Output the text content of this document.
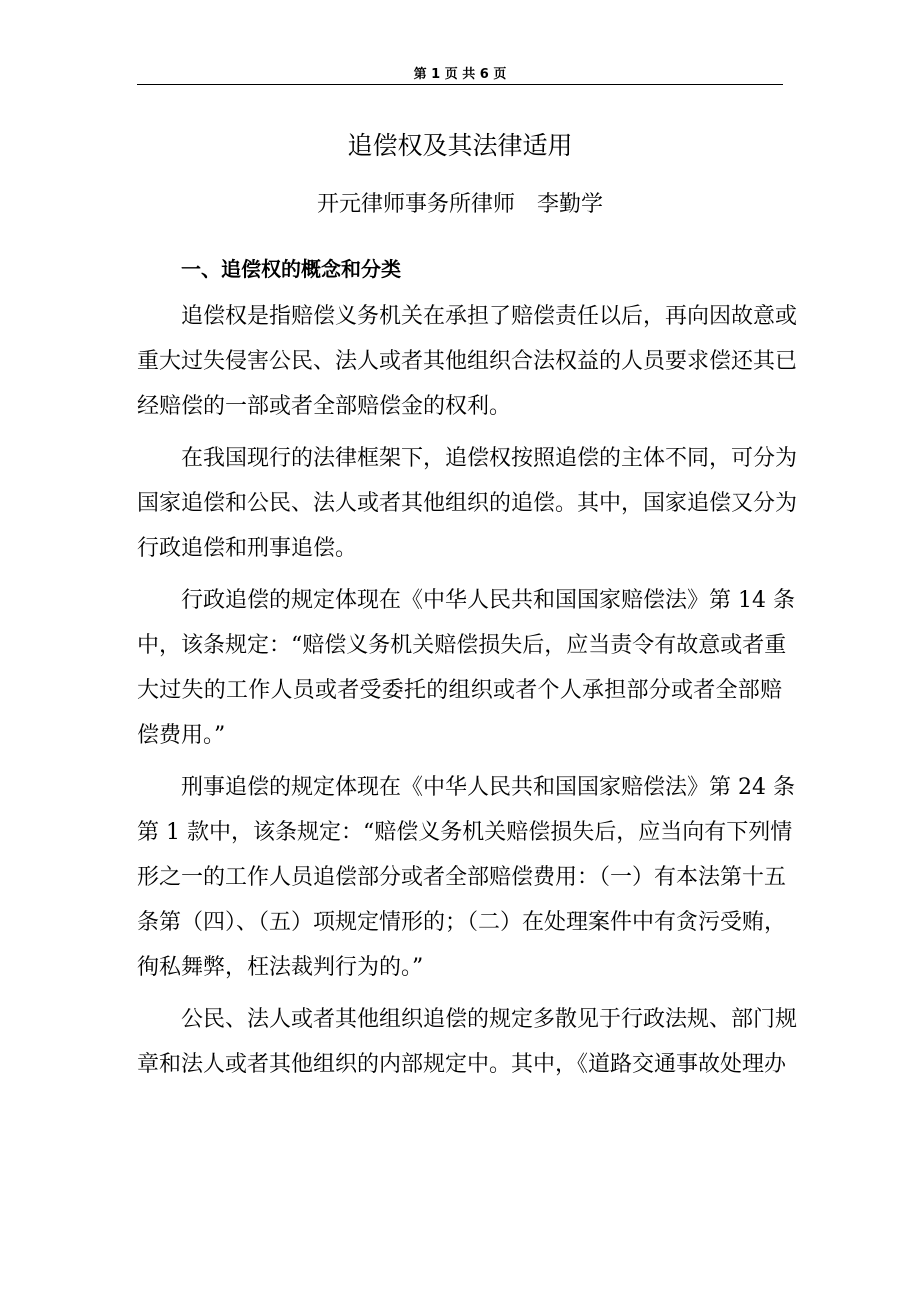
第 1 页 共 6 页
追偿权及其法律适用
开元律师事务所律师　李勤学
一、追偿权的概念和分类
追偿权是指赔偿义务机关在承担了赔偿责任以后，再向因故意或
重大过失侵害公民、法人或者其他组织合法权益的人员要求偿还其已
经赔偿的一部或者全部赔偿金的权利。
在我国现行的法律框架下，追偿权按照追偿的主体不同，可分为
国家追偿和公民、法人或者其他组织的追偿。其中，国家追偿又分为
行政追偿和刑事追偿。
行政追偿的规定体现在《中华人民共和国国家赔偿法》第 14 条
中，该条规定：“赔偿义务机关赔偿损失后，应当责令有故意或者重
大过失的工作人员或者受委托的组织或者个人承担部分或者全部赔
偿费用。”
刑事追偿的规定体现在《中华人民共和国国家赔偿法》第 24 条
第 1 款中，该条规定：“赔偿义务机关赔偿损失后，应当向有下列情
形之一的工作人员追偿部分或者全部赔偿费用：（一）有本法第十五
条第（四）、（五）项规定情形的；（二）在处理案件中有贪污受贿，
徇私舞弊，枉法裁判行为的。”
公民、法人或者其他组织追偿的规定多散见于行政法规、部门规
章和法人或者其他组织的内部规定中。其中，《道路交通事故处理办
